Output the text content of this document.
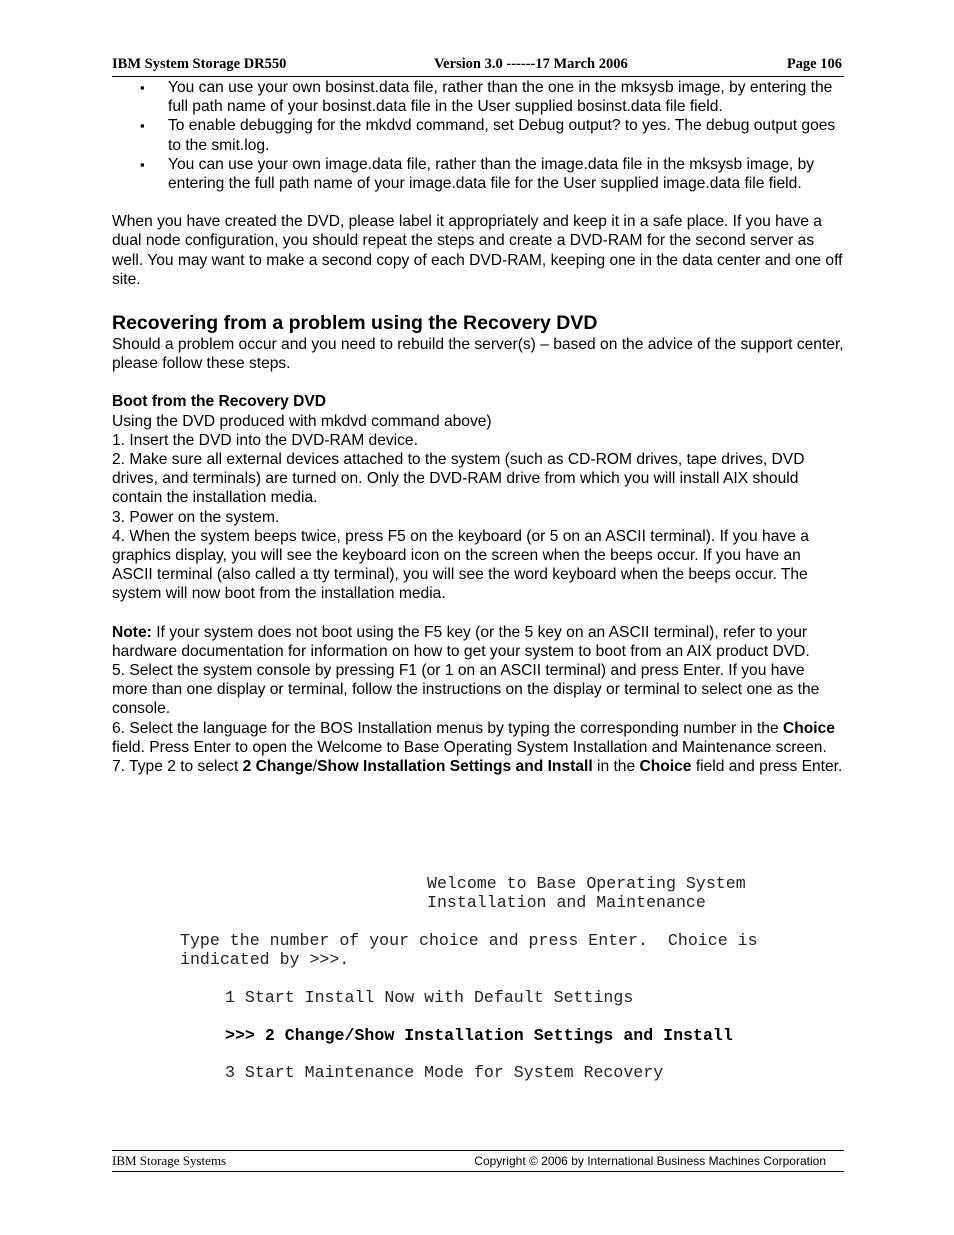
IBM System Storage DR550	Version 3.0 ------17 March 2006	Page 106
▪ You can use your own bosinst.data file, rather than the one in the mksysb image, by entering the full path name of your bosinst.data file in the User supplied bosinst.data file field.
▪ To enable debugging for the mkdvd command, set Debug output? to yes. The debug output goes to the smit.log.
▪ You can use your own image.data file, rather than the image.data file in the mksysb image, by entering the full path name of your image.data file for the User supplied image.data file field.

When you have created the DVD, please label it appropriately and keep it in a safe place. If you have a dual node configuration, you should repeat the steps and create a DVD-RAM for the second server as well. You may want to make a second copy of each DVD-RAM, keeping one in the data center and one off site.

Recovering from a problem using the Recovery DVD

Should a problem occur and you need to rebuild the server(s) – based on the advice of the support center, please follow these steps.

Boot from the Recovery DVD

Using the DVD produced with mkdvd command above)

1. Insert the DVD into the DVD-RAM device.

2. Make sure all external devices attached to the system (such as CD-ROM drives, tape drives, DVD drives, and terminals) are turned on. Only the DVD-RAM drive from which you will install AIX should contain the installation media.

3. Power on the system.

4. When the system beeps twice, press F5 on the keyboard (or 5 on an ASCII terminal). If you have a graphics display, you will see the keyboard icon on the screen when the beeps occur. If you have an ASCII terminal (also called a tty terminal), you will see the word keyboard when the beeps occur. The system will now boot from the installation media.

Note: If your system does not boot using the F5 key (or the 5 key on an ASCII terminal), refer to your hardware documentation for information on how to get your system to boot from an AIX product DVD.

5. Select the system console by pressing F1 (or 1 on an ASCII terminal) and press Enter. If you have more than one display or terminal, follow the instructions on the display or terminal to select one as the console.

6. Select the language for the BOS Installation menus by typing the corresponding number in the Choice field. Press Enter to open the Welcome to Base Operating System Installation and Maintenance screen.

7. Type 2 to select 2 Change/Show Installation Settings and Install in the Choice field and press Enter.

Welcome to Base Operating System
Installation and Maintenance
Type the number of your choice and press Enter.  Choice is
indicated by >>>.
1 Start Install Now with Default Settings
>>> 2 Change/Show Installation Settings and Install
3 Start Maintenance Mode for System Recovery
IBM Storage Systems	Copyright © 2006 by International Business Machines Corporation
